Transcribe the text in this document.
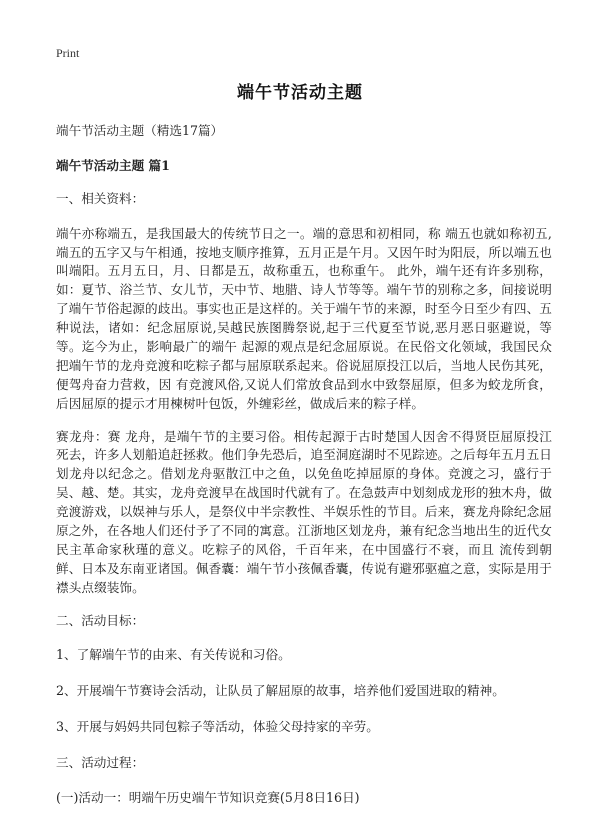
Print
端午节活动主题

端午节活动主题（精选17篇）

端午节活动主题 篇1

一、相关资料：

端午亦称端五，是我国最大的传统节日之一。端的意思和初相同，称 端五也就如称初五,端五的五字又与午相通，按地支顺序推算，五月正是午月。又因午时为阳辰，所以端五也叫端阳。五月五日，月、日都是五，故称重五，也称重午。 此外，端午还有许多别称，如：夏节、浴兰节、女儿节，天中节、地腊、诗人节等等。端午节的别称之多，间接说明了端午节俗起源的歧出。事实也正是这样的。关于端午节的来源，时至今日至少有四、五种说法，诸如：纪念屈原说,吴越民族图腾祭说,起于三代夏至节说,恶月恶日驱避说，等等。迄今为止，影响最广的端午 起源的观点是纪念屈原说。在民俗文化领域，我国民众把端午节的龙舟竞渡和吃粽子都与屈原联系起来。俗说屈原投江以后，当地人民伤其死，便驾舟奋力营救，因 有竞渡风俗,又说人们常放食品到水中致祭屈原，但多为蛟龙所食，后因屈原的提示才用楝树叶包饭，外缠彩丝，做成后来的粽子样。

赛龙舟：赛 龙舟，是端午节的主要习俗。相传起源于古时楚国人因舍不得贤臣屈原投江死去，许多人划船追赶拯救。他们争先恐后，追至洞庭湖时不见踪迹。之后每年五月五日 划龙舟以纪念之。借划龙舟驱散江中之鱼，以免鱼吃掉屈原的身体。竞渡之习，盛行于吴、越、楚。其实，龙舟竞渡早在战国时代就有了。在急鼓声中划刻成龙形的独木舟，做竞渡游戏，以娱神与乐人，是祭仪中半宗教性、半娱乐性的节目。后来，赛龙舟除纪念屈 原之外，在各地人们还付予了不同的寓意。江浙地区划龙舟，兼有纪念当地出生的近代女民主革命家秋瑾的意义。吃粽子的风俗，千百年来，在中国盛行不衰，而且 流传到朝鲜、日本及东南亚诸国。佩香囊：端午节小孩佩香囊，传说有避邪驱瘟之意，实际是用于襟头点缀装饰。

二、活动目标：

1、了解端午节的由来、有关传说和习俗。

2、开展端午节赛诗会活动，让队员了解屈原的故事，培养他们爱国进取的精神。

3、开展与妈妈共同包粽子等活动，体验父母持家的辛劳。

三、活动过程：

(一)活动一：明端午历史端午节知识竞赛(5月8日16日)
